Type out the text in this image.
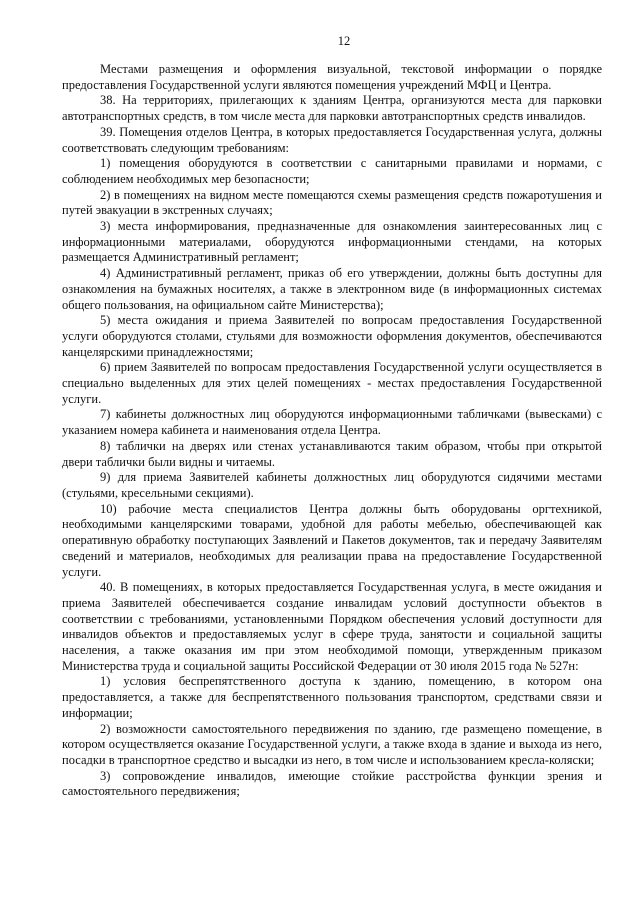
12

Местами размещения и оформления визуальной, текстовой информации о порядке предоставления Государственной услуги являются помещения учреждений МФЦ и Центра.

38. На территориях, прилегающих к зданиям Центра, организуются места для парковки автотранспортных средств, в том числе места для парковки автотранспортных средств инвалидов.

39. Помещения отделов Центра, в которых предоставляется Государственная услуга, должны соответствовать следующим требованиям:

1) помещения оборудуются в соответствии с санитарными правилами и нормами, с соблюдением необходимых мер безопасности;

2) в помещениях на видном месте помещаются схемы размещения средств пожаротушения и путей эвакуации в экстренных случаях;

3) места информирования, предназначенные для ознакомления заинтересованных лиц с информационными материалами, оборудуются информационными стендами, на которых размещается Административный регламент;

4) Административный регламент, приказ об его утверждении, должны быть доступны для ознакомления на бумажных носителях, а также в электронном виде (в информационных системах общего пользования, на официальном сайте Министерства);

5) места ожидания и приема Заявителей по вопросам предоставления Государственной услуги оборудуются столами, стульями для возможности оформления документов, обеспечиваются канцелярскими принадлежностями;

6) прием Заявителей по вопросам предоставления Государственной услуги осуществляется в специально выделенных для этих целей помещениях - местах предоставления Государственной услуги.

7) кабинеты должностных лиц оборудуются информационными табличками (вывесками) с указанием номера кабинета и наименования отдела Центра.

8) таблички на дверях или стенах устанавливаются таким образом, чтобы при открытой двери таблички были видны и читаемы.

9) для приема Заявителей кабинеты должностных лиц оборудуются сидячими местами (стульями, кресельными секциями).

10) рабочие места специалистов Центра должны быть оборудованы оргтехникой, необходимыми канцелярскими товарами, удобной для работы мебелью, обеспечивающей как оперативную обработку поступающих Заявлений и Пакетов документов, так и передачу Заявителям сведений и материалов, необходимых для реализации права на предоставление Государственной услуги.

40. В помещениях, в которых предоставляется Государственная услуга, в месте ожидания и приема Заявителей обеспечивается создание инвалидам условий доступности объектов в соответствии с требованиями, установленными Порядком обеспечения условий доступности для инвалидов объектов и предоставляемых услуг в сфере труда, занятости и социальной защиты населения, а также оказания им при этом необходимой помощи, утвержденным приказом Министерства труда и социальной защиты Российской Федерации от 30 июля 2015 года № 527н:

1) условия беспрепятственного доступа к зданию, помещению, в котором она предоставляется, а также для беспрепятственного пользования транспортом, средствами связи и информации;

2) возможности самостоятельного передвижения по зданию, где размещено помещение, в котором осуществляется оказание Государственной услуги, а также входа в здание и выхода из него, посадки в транспортное средство и высадки из него, в том числе и использованием кресла-коляски;

3) сопровождение инвалидов, имеющие стойкие расстройства функции зрения и самостоятельного передвижения;
